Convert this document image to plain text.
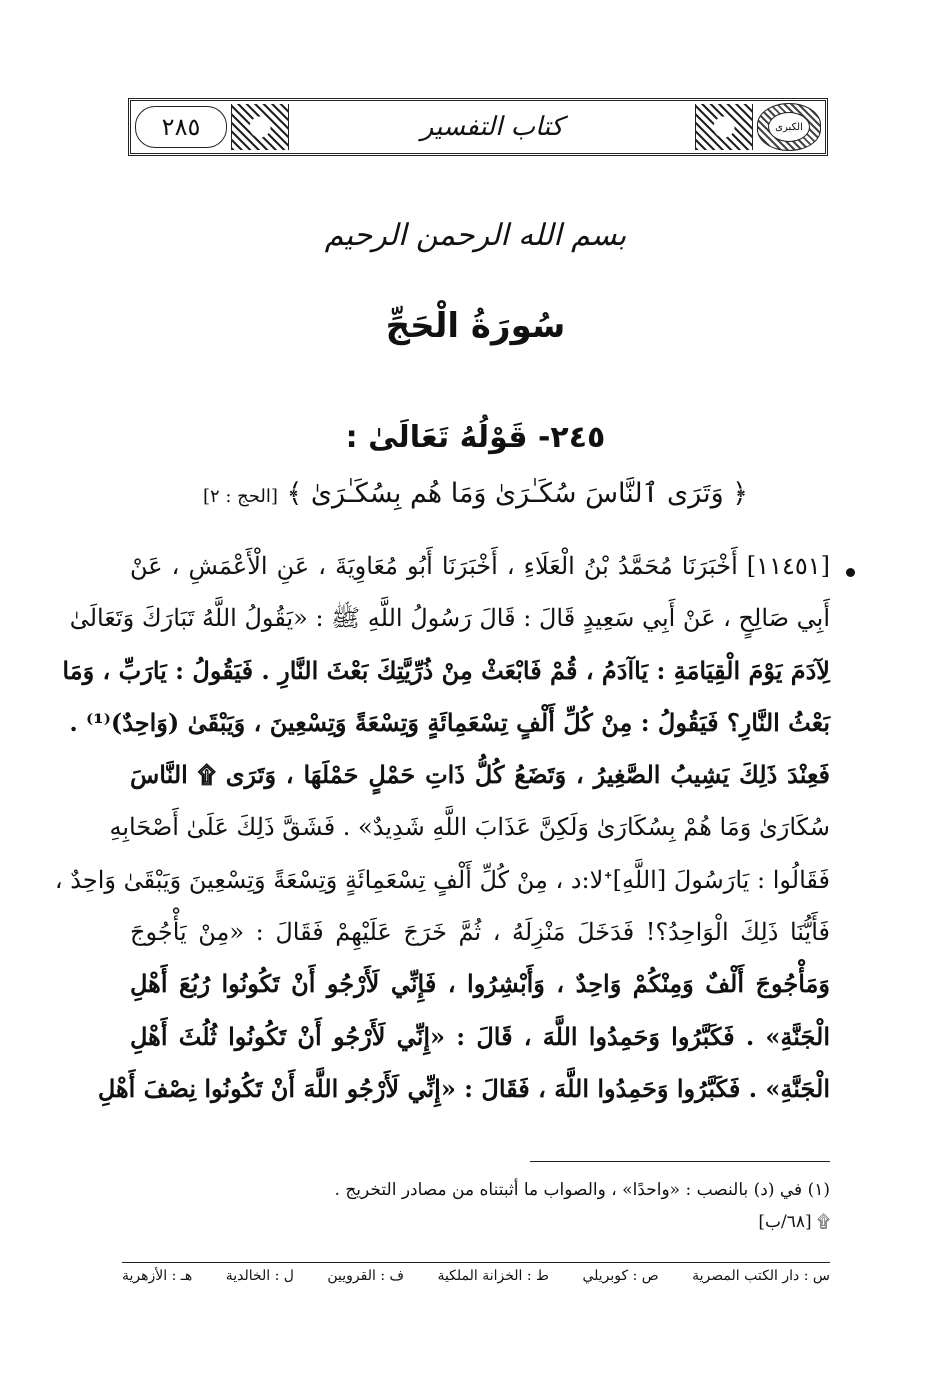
الكبرى
كتاب التفسير
٢٨٥
بسم الله الرحمن الرحيم
سُورَةُ الْحَجِّ
٢٤٥- قَوْلُهُ تَعَالَىٰ :
﴿ وَتَرَى ٱلنَّاسَ سُكَـٰرَىٰ وَمَا هُم بِسُكَـٰرَىٰ ﴾ [الحج : ٢]
[١١٤٥١] أَخْبَرَنَا مُحَمَّدُ بْنُ الْعَلَاءِ ، أَخْبَرَنَا أَبُو مُعَاوِيَةَ ، عَنِ الْأَعْمَشِ ، عَنْ
أَبِي صَالِحٍ ، عَنْ أَبِي سَعِيدٍ قَالَ : قَالَ رَسُولُ اللَّهِ ﷺ : «يَقُولُ اللَّهُ تَبَارَكَ وَتَعَالَىٰ
لِآدَمَ يَوْمَ الْقِيَامَةِ : يَاآدَمُ ، قُمْ فَابْعَثْ مِنْ ذُرِّيَّتِكَ بَعْثَ النَّارِ . فَيَقُولُ : يَارَبِّ ، وَمَا
بَعْثُ النَّارِ؟ فَيَقُولُ : مِنْ كُلِّ أَلْفٍ تِسْعَمِائَةٍ وَتِسْعَةً وَتِسْعِينَ ، وَيَبْقَىٰ (وَاحِدٌ)⁽¹⁾ .
فَعِنْدَ ذَلِكَ يَشِيبُ الصَّغِيرُ ، وَتَضَعُ كُلُّ ذَاتِ حَمْلٍ حَمْلَهَا ، وَتَرَى ۩ النَّاسَ
سُكَارَىٰ وَمَا هُمْ بِسُكَارَىٰ وَلَكِنَّ عَذَابَ اللَّهِ شَدِيدٌ» . فَشَقَّ ذَلِكَ عَلَىٰ أَصْحَابِهِ
فَقَالُوا : يَارَسُولَ [اللَّهِ]ᐩلا:د ، مِنْ كُلِّ أَلْفٍ تِسْعَمِائَةٍ وَتِسْعَةً وَتِسْعِينَ وَيَبْقَىٰ وَاحِدٌ ،
فَأَيُّنَا ذَلِكَ الْوَاحِدُ؟! فَدَخَلَ مَنْزِلَهُ ، ثُمَّ خَرَجَ عَلَيْهِمْ فَقَالَ : «مِنْ يَأْجُوجَ
وَمَأْجُوجَ أَلْفٌ وَمِنْكُمْ وَاحِدٌ ، وَأَبْشِرُوا ، فَإِنِّي لَأَرْجُو أَنْ تَكُونُوا رُبُعَ أَهْلِ
الْجَنَّةِ» . فَكَبَّرُوا وَحَمِدُوا اللَّهَ ، قَالَ : «إِنِّي لَأَرْجُو أَنْ تَكُونُوا ثُلُثَ أَهْلِ
الْجَنَّةِ» . فَكَبَّرُوا وَحَمِدُوا اللَّهَ ، فَقَالَ : «إِنِّي لَأَرْجُو اللَّهَ أَنْ تَكُونُوا نِصْفَ أَهْلِ
(١) في (د) بالنصب : «واحدًا» ، والصواب ما أثبتناه من مصادر التخريج .
۩ [٦٨/ب]
س : دار الكتب المصرية
ص : كوبريلي
ط : الخزانة الملكية
ف : القرويين
ل : الخالدية
هـ : الأزهرية
